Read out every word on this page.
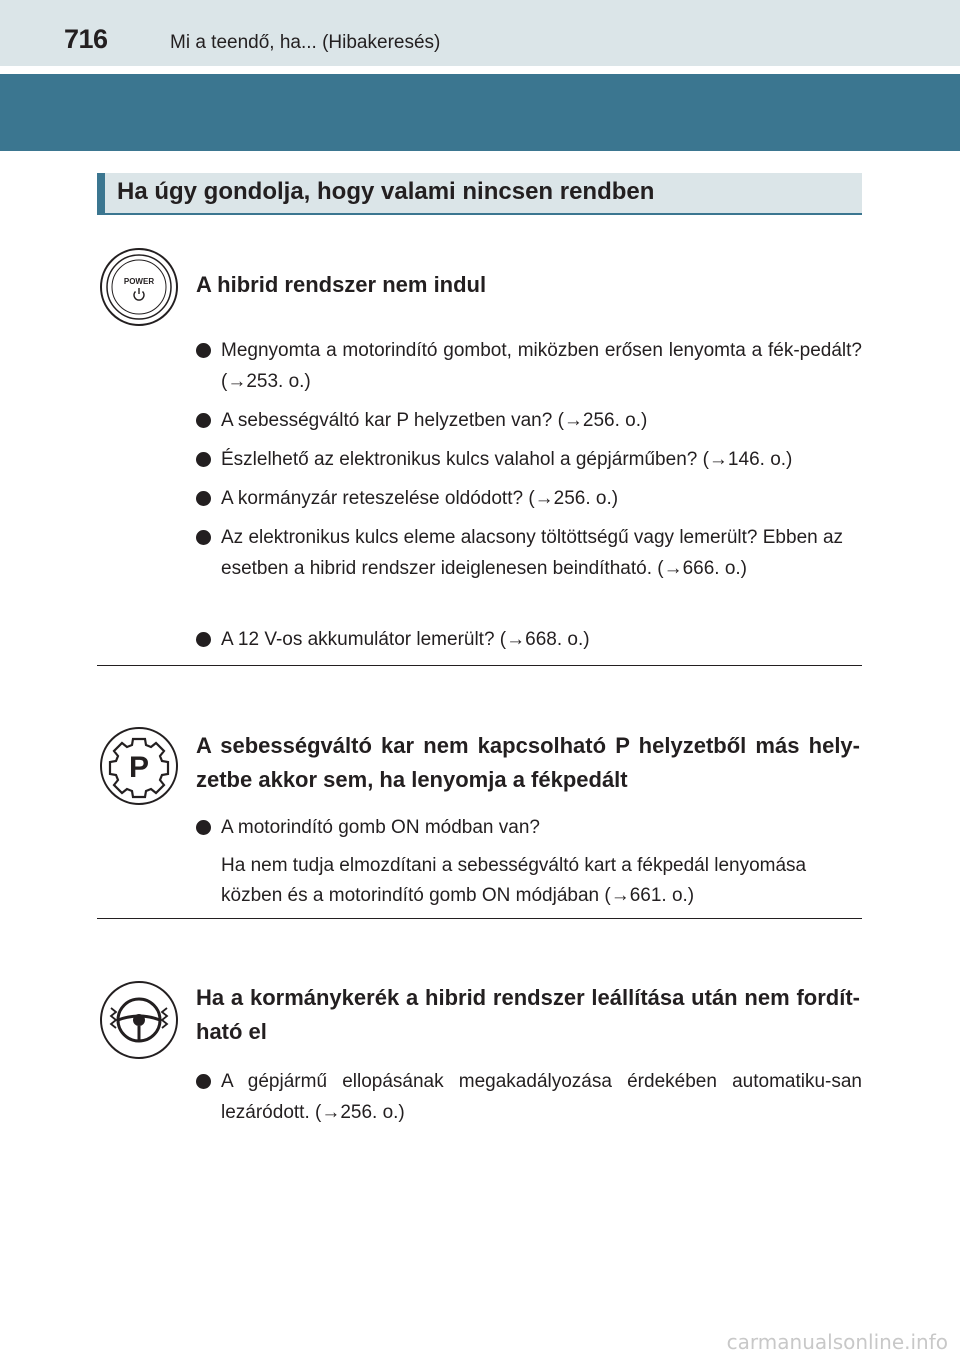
716	Mi a teendő, ha... (Hibakeresés)
Ha úgy gondolja, hogy valami nincsen rendben
POWER A hibrid rendszer nem indul
Megnyomta a motorindító gombot, miközben erősen lenyomta a fék-pedált? (→253. o.)
A sebességváltó kar P helyzetben van? (→256. o.)
Észlelhető az elektronikus kulcs valahol a gépjárműben? (→146. o.)
A kormányzár reteszelése oldódott? (→256. o.)
Az elektronikus kulcs eleme alacsony töltöttségű vagy lemerült? Ebben az esetben a hibrid rendszer ideiglenesen beindítható. (→666. o.)
A 12 V-os akkumulátor lemerült? (→668. o.)
P
A sebességváltó kar nem kapcsolható P helyzetből más hely-zetbe akkor sem, ha lenyomja a fékpedált
A motorindító gomb ON módban van?
Ha nem tudja elmozdítani a sebességváltó kart a fékpedál lenyomása közben és a motorindító gomb ON módjában (→661. o.)
Ha a kormánykerék a hibrid rendszer leállítása után nem fordít-ható el
A gépjármű ellopásának megakadályozása érdekében automatiku-san lezáródott. (→256. o.)
carmanualsonline.info
